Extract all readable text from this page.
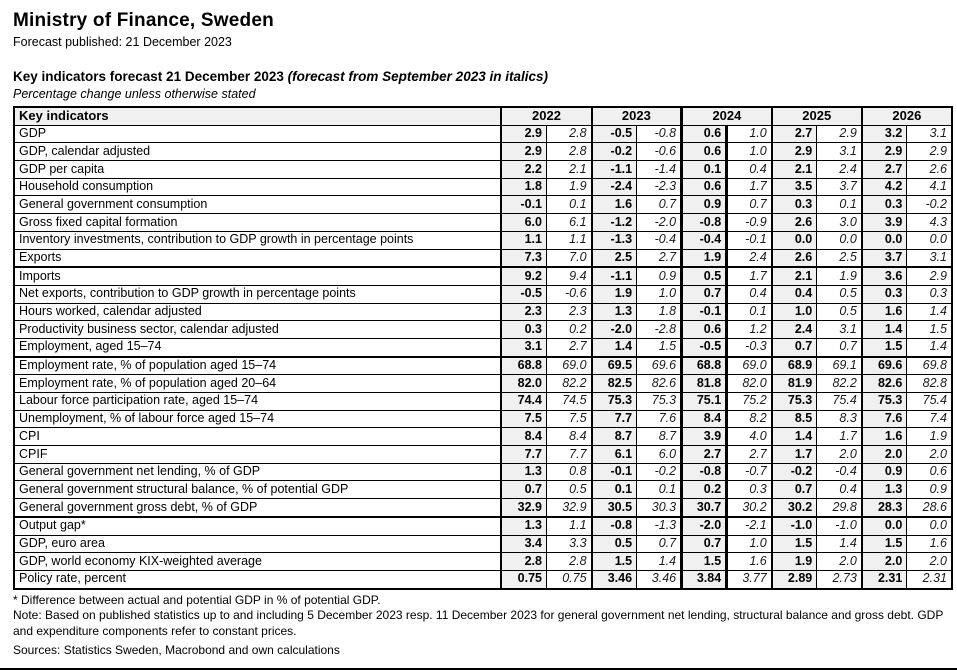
Ministry of Finance, Sweden
Forecast published: 21 December 2023
Key indicators forecast 21 December 2023 (forecast from September 2023 in italics)
Percentage change unless otherwise stated
Key indicators	2022		2023		2024		2025		2026	
GDP	2.9	2.8	-0.5	-0.8	0.6	1.0	2.7	2.9	3.2	3.1
GDP, calendar adjusted	2.9	2.8	-0.2	-0.6	0.6	1.0	2.9	3.1	2.9	2.9
GDP per capita	2.2	2.1	-1.1	-1.4	0.1	0.4	2.1	2.4	2.7	2.6
Household consumption	1.8	1.9	-2.4	-2.3	0.6	1.7	3.5	3.7	4.2	4.1
General government consumption	-0.1	0.1	1.6	0.7	0.9	0.7	0.3	0.1	0.3	-0.2
Gross fixed capital formation	6.0	6.1	-1.2	-2.0	-0.8	-0.9	2.6	3.0	3.9	4.3
Inventory investments, contribution to GDP growth in percentage points	1.1	1.1	-1.3	-0.4	-0.4	-0.1	0.0	0.0	0.0	0.0
Exports	7.3	7.0	2.5	2.7	1.9	2.4	2.6	2.5	3.7	3.1
Imports	9.2	9.4	-1.1	0.9	0.5	1.7	2.1	1.9	3.6	2.9
Net exports, contribution to GDP growth in percentage points	-0.5	-0.6	1.9	1.0	0.7	0.4	0.4	0.5	0.3	0.3
Hours worked, calendar adjusted	2.3	2.3	1.3	1.8	-0.1	0.1	1.0	0.5	1.6	1.4
Productivity business sector, calendar adjusted	0.3	0.2	-2.0	-2.8	0.6	1.2	2.4	3.1	1.4	1.5
Employment, aged 15–74	3.1	2.7	1.4	1.5	-0.5	-0.3	0.7	0.7	1.5	1.4
Employment rate, % of population aged 15–74	68.8	69.0	69.5	69.6	68.8	69.0	68.9	69.1	69.6	69.8
Employment rate, % of population aged 20–64	82.0	82.2	82.5	82.6	81.8	82.0	81.9	82.2	82.6	82.8
Labour force participation rate, aged 15–74	74.4	74.5	75.3	75.3	75.1	75.2	75.3	75.4	75.3	75.4
Unemployment, % of labour force aged 15–74	7.5	7.5	7.7	7.6	8.4	8.2	8.5	8.3	7.6	7.4
CPI	8.4	8.4	8.7	8.7	3.9	4.0	1.4	1.7	1.6	1.9
CPIF	7.7	7.7	6.1	6.0	2.7	2.7	1.7	2.0	2.0	2.0
General government net lending, % of GDP	1.3	0.8	-0.1	-0.2	-0.8	-0.7	-0.2	-0.4	0.9	0.6
General government structural balance, % of potential GDP	0.7	0.5	0.1	0.1	0.2	0.3	0.7	0.4	1.3	0.9
General government gross debt, % of GDP	32.9	32.9	30.5	30.3	30.7	30.2	30.2	29.8	28.3	28.6
Output gap*	1.3	1.1	-0.8	-1.3	-2.0	-2.1	-1.0	-1.0	0.0	0.0
GDP, euro area	3.4	3.3	0.5	0.7	0.7	1.0	1.5	1.4	1.5	1.6
GDP, world economy KIX-weighted average	2.8	2.8	1.5	1.4	1.5	1.6	1.9	2.0	2.0	2.0
Policy rate, percent	0.75	0.75	3.46	3.46	3.84	3.77	2.89	2.73	2.31	2.31
* Difference between actual and potential GDP in % of potential GDP.
Note: Based on published statistics up to and including 5 December 2023 resp. 11 December 2023 for general government net lending, structural balance and gross debt. GDP and expenditure components refer to constant prices.
Sources: Statistics Sweden, Macrobond and own calculations
